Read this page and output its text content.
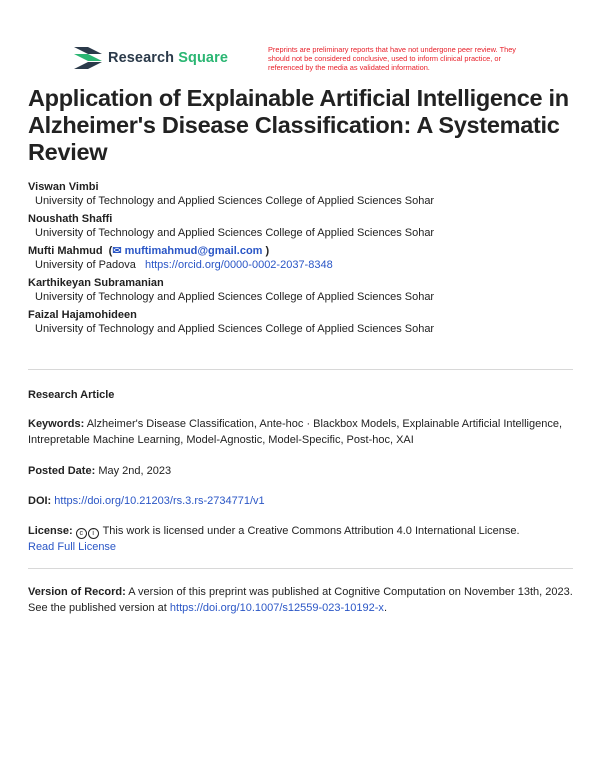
Research Square
Preprints are preliminary reports that have not undergone peer review. They should not be considered conclusive, used to inform clinical practice, or referenced by the media as validated information.
Application of Explainable Artificial Intelligence in Alzheimer's Disease Classification: A Systematic Review
Viswan Vimbi
University of Technology and Applied Sciences College of Applied Sciences Sohar
Noushath Shaffi
University of Technology and Applied Sciences College of Applied Sciences Sohar
Mufti Mahmud  (✉ muftimahmud@gmail.com )
University of Padova https://orcid.org/0000-0002-2037-8348
Karthikeyan Subramanian
University of Technology and Applied Sciences College of Applied Sciences Sohar
Faizal Hajamohideen
University of Technology and Applied Sciences College of Applied Sciences Sohar
Research Article
Keywords: Alzheimer's Disease Classification, Ante-hoc · Blackbox Models, Explainable Artificial Intelligence, Intrepretable Machine Learning, Model-Agnostic, Model-Specific, Post-hoc, XAI
Posted Date: May 2nd, 2023
DOI: https://doi.org/10.21203/rs.3.rs-2734771/v1
License: c i This work is licensed under a Creative Commons Attribution 4.0 International License.
Read Full License
Version of Record: A version of this preprint was published at Cognitive Computation on November 13th, 2023. See the published version at https://doi.org/10.1007/s12559-023-10192-x.
